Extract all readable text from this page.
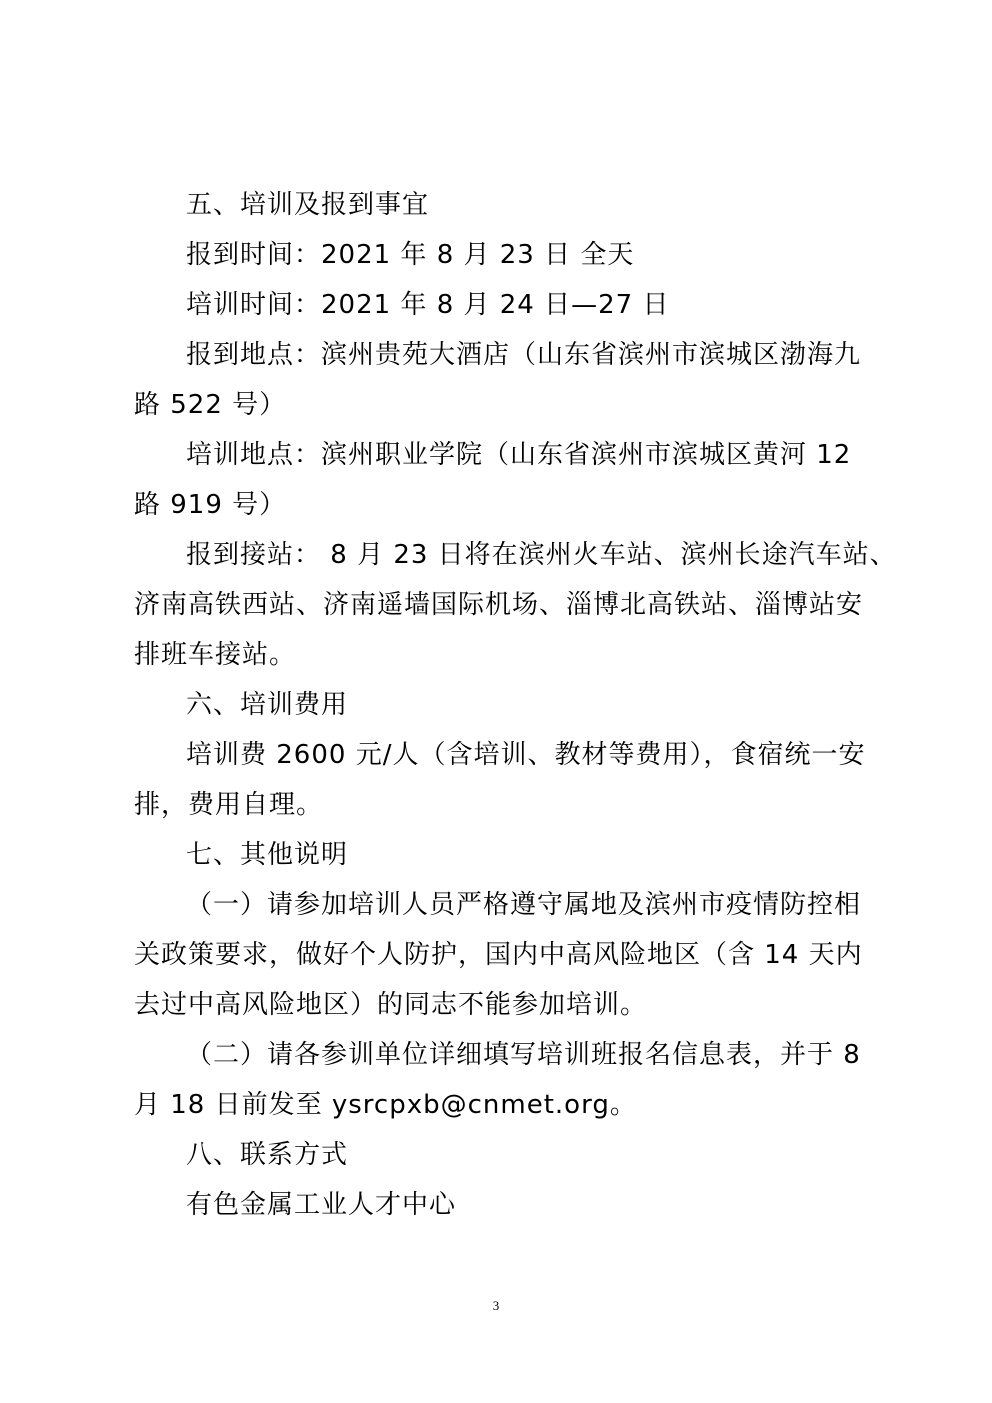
五、培训及报到事宜
报到时间：2021 年 8 月 23 日 全天
培训时间：2021 年 8 月 24 日—27 日
报到地点：滨州贵苑大酒店（山东省滨州市滨城区渤海九
路 522 号）
培训地点：滨州职业学院（山东省滨州市滨城区黄河 12
路 919 号）
报到接站： 8 月 23 日将在滨州火车站、滨州长途汽车站、
济南高铁西站、济南遥墙国际机场、淄博北高铁站、淄博站安
排班车接站。
六、培训费用
培训费 2600 元/人（含培训、教材等费用），食宿统一安
排，费用自理。
七、其他说明
（一）请参加培训人员严格遵守属地及滨州市疫情防控相
关政策要求，做好个人防护，国内中高风险地区（含 14 天内
去过中高风险地区）的同志不能参加培训。
（二）请各参训单位详细填写培训班报名信息表，并于 8
月 18 日前发至 ysrcpxb@cnmet.org。
八、联系方式
有色金属工业人才中心
3
